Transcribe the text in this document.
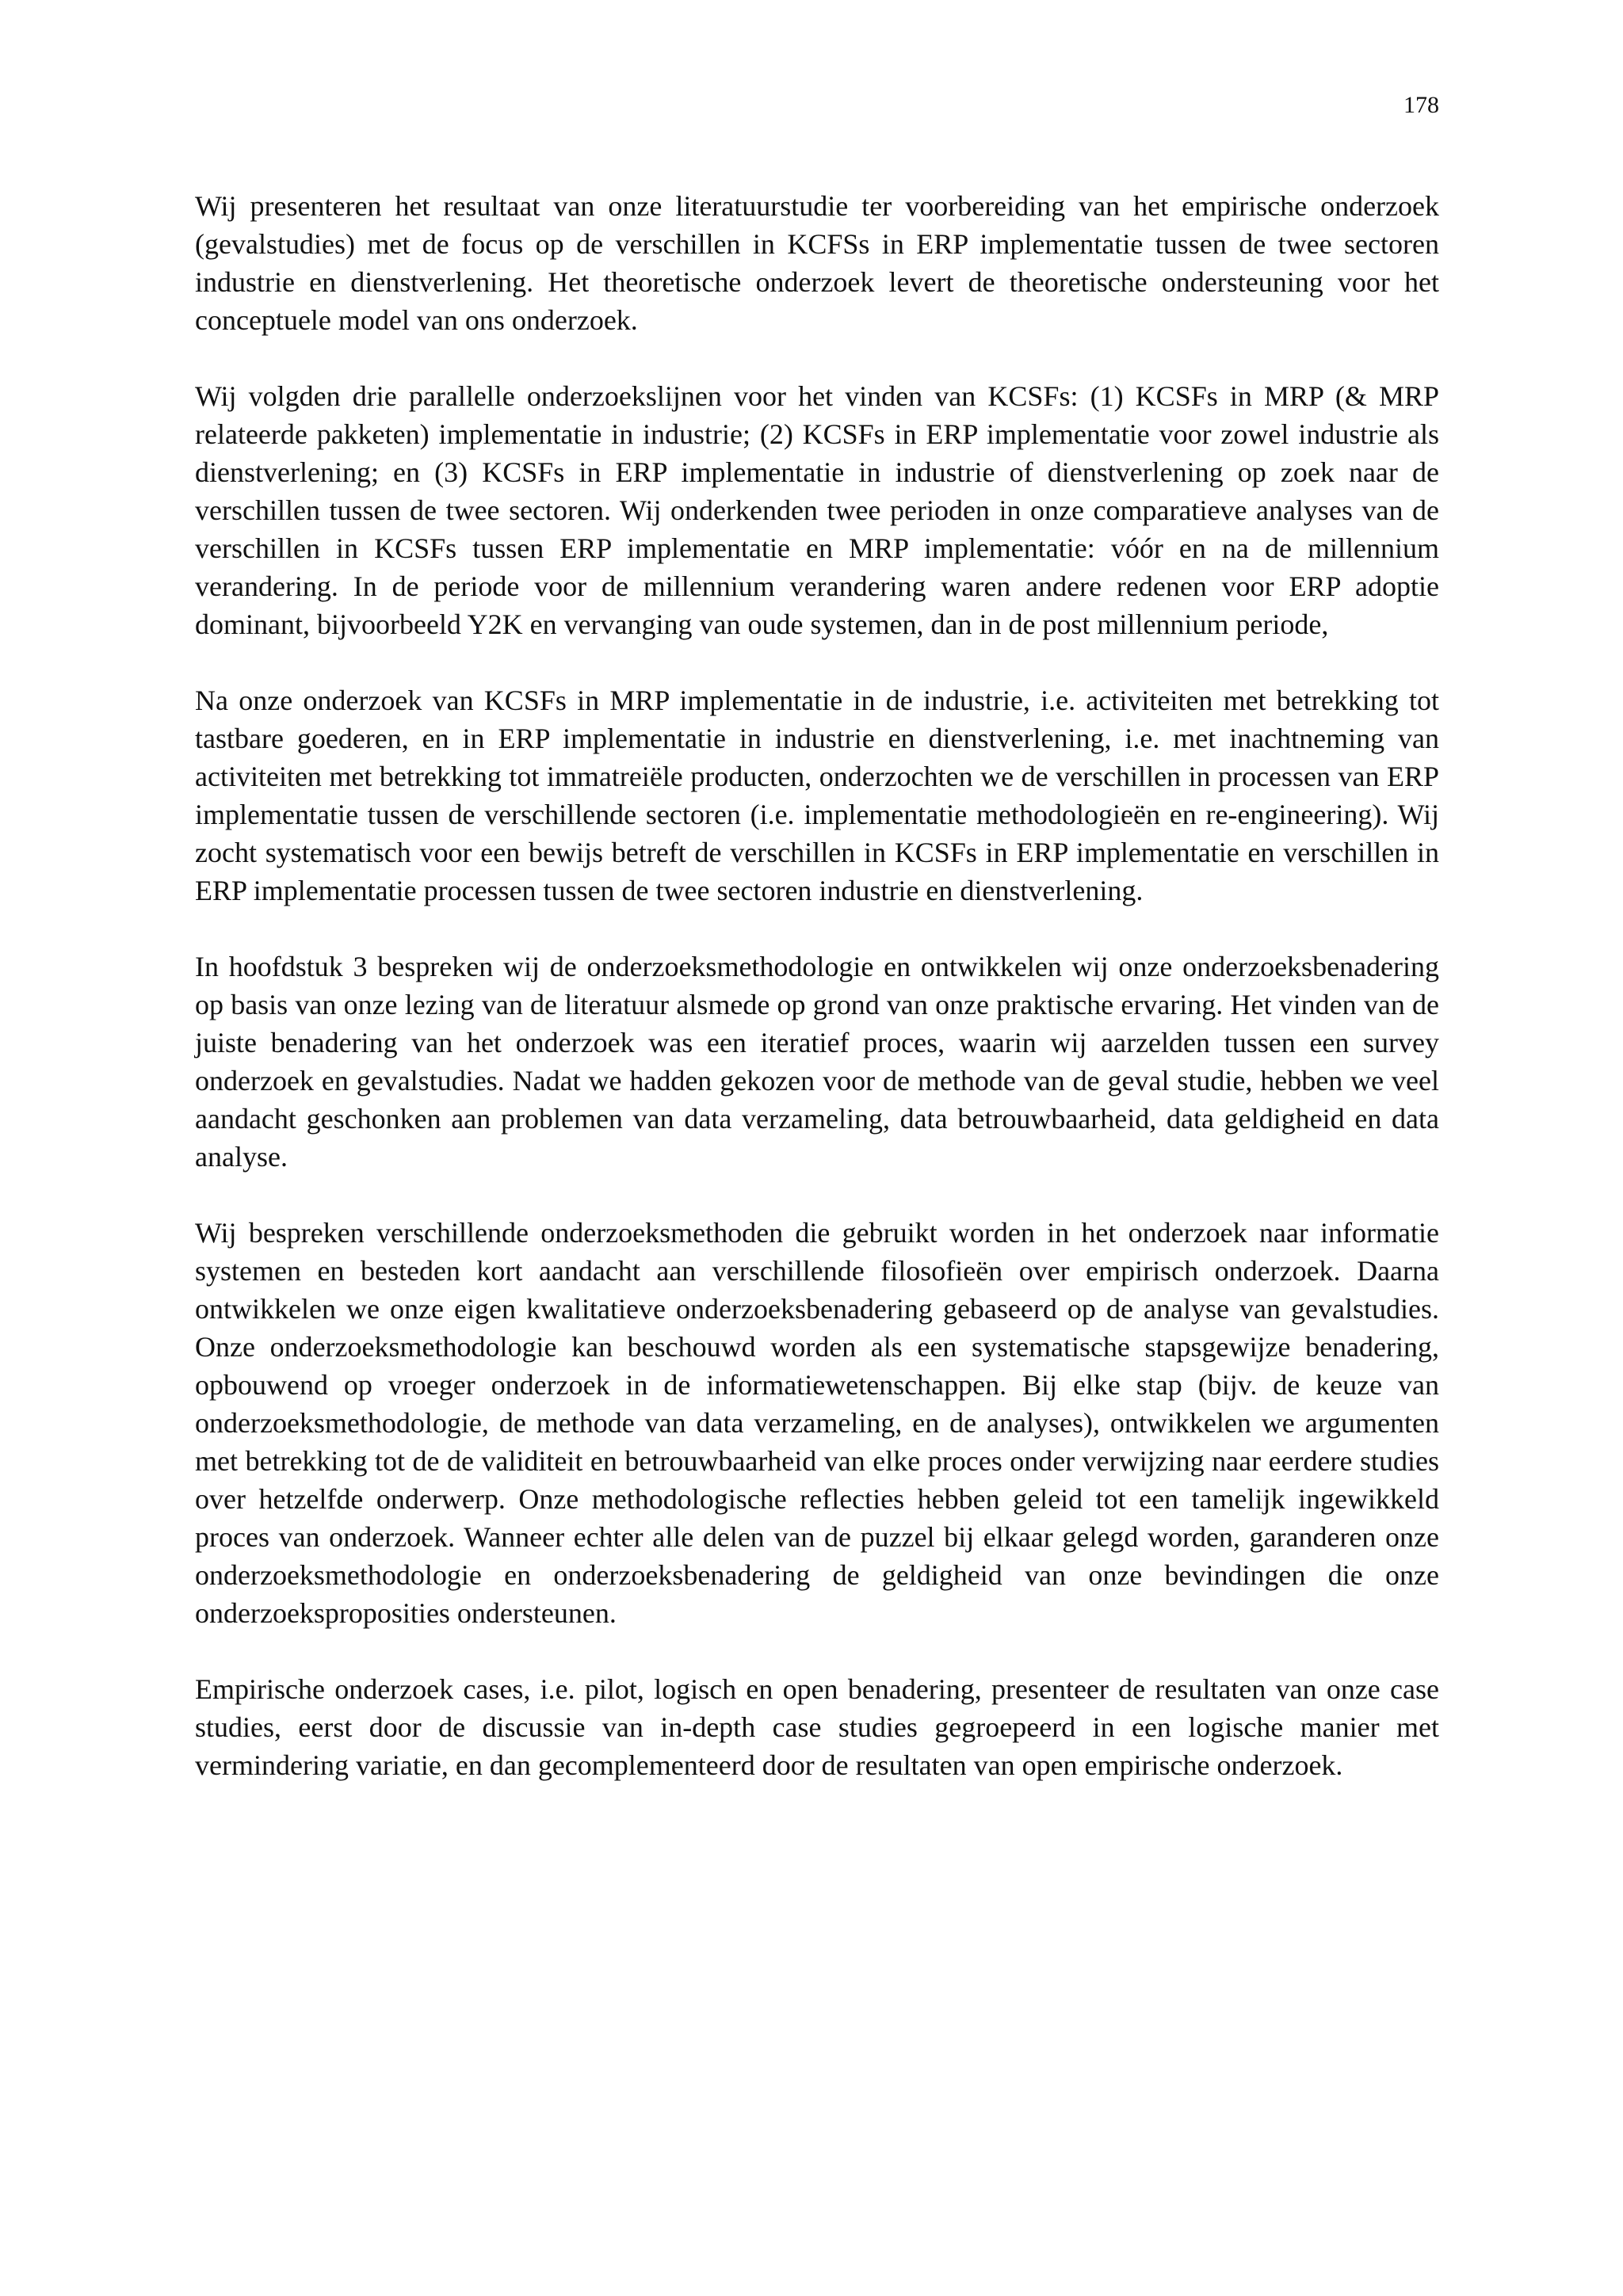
178

Wij presenteren het resultaat van onze literatuurstudie ter voorbereiding van het empirische onderzoek (gevalstudies) met de focus op de verschillen in KCFSs in ERP implementatie tussen de twee sectoren industrie en dienstverlening. Het theoretische onderzoek levert de theoretische ondersteuning voor het conceptuele model van ons onderzoek.

Wij volgden drie parallelle onderzoekslijnen voor het vinden van KCSFs: (1) KCSFs in MRP (& MRP relateerde pakketen) implementatie in industrie; (2) KCSFs in ERP implementatie voor zowel industrie als dienstverlening; en (3) KCSFs in ERP implementatie in industrie of dienstverlening op zoek naar de verschillen tussen de twee sectoren. Wij onderkenden twee perioden in onze comparatieve analyses van de verschillen in KCSFs tussen ERP implementatie en MRP implementatie: vóór en na de millennium verandering. In de periode voor de millennium verandering waren andere redenen voor ERP adoptie dominant, bijvoorbeeld Y2K en vervanging van oude systemen, dan in de post millennium periode,

Na onze onderzoek van KCSFs in MRP implementatie in de industrie, i.e. activiteiten met betrekking tot tastbare goederen, en in ERP implementatie in industrie en dienstverlening, i.e. met inachtneming van activiteiten met betrekking tot immatreiële producten, onderzochten we de verschillen in processen van ERP implementatie tussen de verschillende sectoren (i.e. implementatie methodologieën en re-engineering). Wij zocht systematisch voor een bewijs betreft de verschillen in KCSFs in ERP implementatie en verschillen in ERP implementatie processen tussen de twee sectoren industrie en dienstverlening.

In hoofdstuk 3 bespreken wij de onderzoeksmethodologie en ontwikkelen wij onze onderzoeksbenadering op basis van onze lezing van de literatuur alsmede op grond van onze praktische ervaring. Het vinden van de juiste benadering van het onderzoek was een iteratief proces, waarin wij aarzelden tussen een survey onderzoek en gevalstudies. Nadat we hadden gekozen voor de methode van de geval studie, hebben we veel aandacht geschonken aan problemen van data verzameling, data betrouwbaarheid, data geldigheid en data analyse.

Wij bespreken verschillende onderzoeksmethoden die gebruikt worden in het onderzoek naar informatie systemen en besteden kort aandacht aan verschillende filosofieën over empirisch onderzoek. Daarna ontwikkelen we onze eigen kwalitatieve onderzoeksbenadering gebaseerd op de analyse van gevalstudies. Onze onderzoeksmethodologie kan beschouwd worden als een systematische stapsgewijze benadering, opbouwend op vroeger onderzoek in de informatiewetenschappen. Bij elke stap (bijv. de keuze van onderzoeksmethodologie, de methode van data verzameling, en de analyses), ontwikkelen we argumenten met betrekking tot de de validiteit en betrouwbaarheid van elke proces onder verwijzing naar eerdere studies over hetzelfde onderwerp. Onze methodologische reflecties hebben geleid tot een tamelijk ingewikkeld proces van onderzoek. Wanneer echter alle delen van de puzzel bij elkaar gelegd worden, garanderen onze onderzoeksmethodologie en onderzoeksbenadering de geldigheid van onze bevindingen die onze onderzoeksproposities ondersteunen.

Empirische onderzoek cases, i.e. pilot, logisch en open benadering, presenteer de resultaten van onze case studies, eerst door de discussie van in-depth case studies gegroepeerd in een logische manier met vermindering variatie, en dan gecomplementeerd door de resultaten van open empirische onderzoek.
